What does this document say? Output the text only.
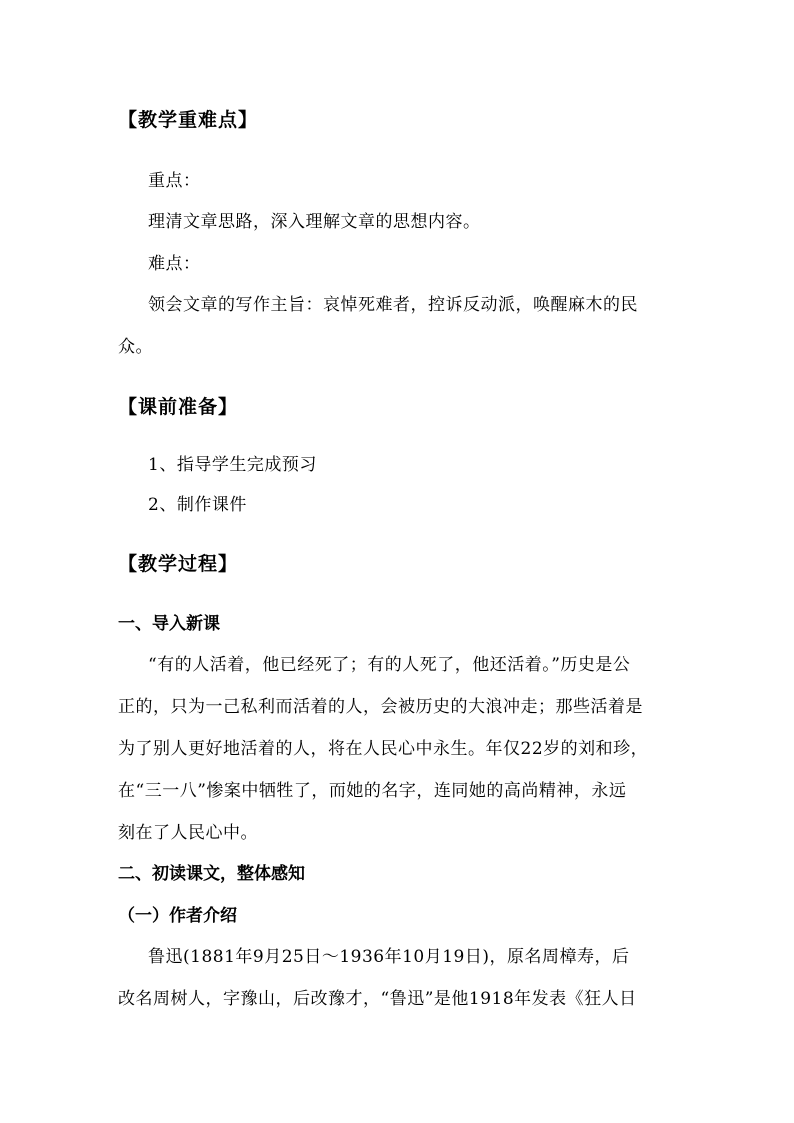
【教学重难点】
重点：
理清文章思路，深入理解文章的思想内容。
难点：
领会文章的写作主旨：哀悼死难者，控诉反动派，唤醒麻木的民
众。
【课前准备】
1、指导学生完成预习
2、制作课件
【教学过程】
一、导入新课
“有的人活着，他已经死了；有的人死了，他还活着。”历史是公
正的，只为一己私利而活着的人，会被历史的大浪冲走；那些活着是
为了别人更好地活着的人，将在人民心中永生。年仅22岁的刘和珍，
在“三一八”惨案中牺牲了，而她的名字，连同她的高尚精神，永远
刻在了人民心中。
二、初读课文，整体感知
（一）作者介绍
鲁迅(1881年9月25日～1936年10月19日)，原名周樟寿，后
改名周树人，字豫山，后改豫才，“鲁迅”是他1918年发表《狂人日
